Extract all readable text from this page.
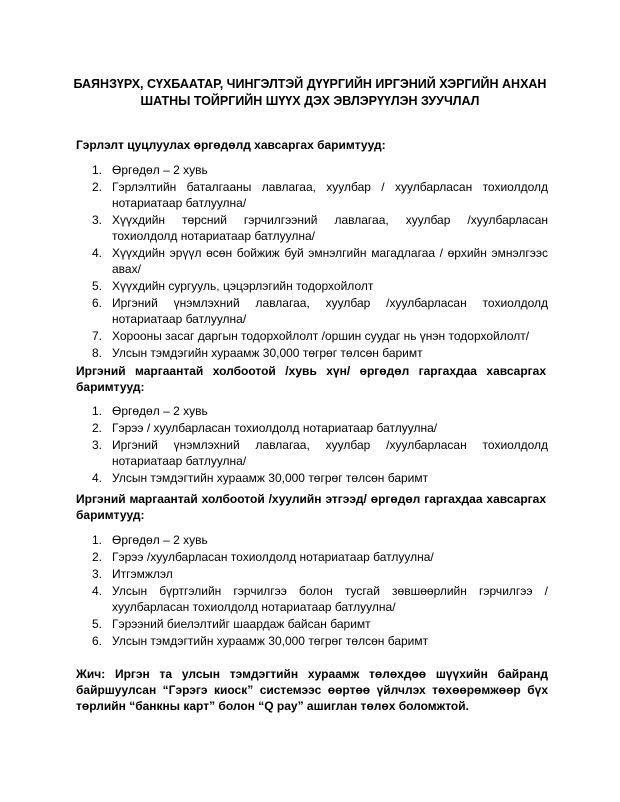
БАЯНЗҮРХ, СҮХБААТАР, ЧИНГЭЛТЭЙ ДҮҮРГИЙН ИРГЭНИЙ ХЭРГИЙН АНХАН
ШАТНЫ ТОЙРГИЙН ШҮҮХ ДЭХ ЭВЛЭРҮҮЛЭН ЗУУЧЛАЛ

Гэрлэлт цуцлуулах өргөдөлд хавсаргах баримтууд:

1. Өргөдөл – 2 хувь
2. Гэрлэлтийн баталгааны лавлагаа, хуулбар / хуулбарласан тохиолдолд нотариатаар батлуулна/
3. Хүүхдийн төрсний гэрчилгээний лавлагаа, хуулбар /хуулбарласан тохиолдолд нотариатаар батлуулна/
4. Хүүхдийн эрүүл өсөн бойжиж буй эмнэлгийн магадлагаа / өрхийн эмнэлгээс авах/
5. Хүүхдийн сургууль, цэцэрлэгийн тодорхойлолт
6. Иргэний үнэмлэхний лавлагаа, хуулбар /хуулбарласан тохиолдолд нотариатаар батлуулна/
7. Хорооны засаг даргын тодорхойлолт /оршин суудаг нь үнэн тодорхойлолт/
8. Улсын тэмдэгийн хураамж 30,000 төгрөг төлсөн баримт

Иргэний маргаантай холбоотой /хувь хүн/ өргөдөл гаргахдаа хавсаргах баримтууд:

1. Өргөдөл – 2 хувь
2. Гэрээ / хуулбарласан тохиолдолд нотариатаар батлуулна/
3. Иргэний үнэмлэхний лавлагаа, хуулбар /хуулбарласан тохиолдолд нотариатаар батлуулна/
4. Улсын тэмдэгтийн хураамж 30,000 төгрөг төлсөн баримт

Иргэний маргаантай холбоотой /хуулийн этгээд/ өргөдөл гаргахдаа хавсаргах баримтууд:

1. Өргөдөл – 2 хувь
2. Гэрээ /хуулбарласан тохиолдолд нотариатаар батлуулна/
3. Итгэмжлэл
4. Улсын бүртгэлийн гэрчилгээ болон тусгай зөвшөөрлийн гэрчилгээ /хуулбарласан тохиолдолд нотариатаар батлуулна/
5. Гэрээний биелэлтийг шаардаж байсан баримт
6. Улсын тэмдэгтийн хураамж 30,000 төгрөг төлсөн баримт

Жич: Иргэн та улсын тэмдэгтийн хураамж төлөхдөө шүүхийн байранд байршуулсан “Гэрэгэ киоск” системээс өөртөө үйлчлэх төхөөрөмжөөр бүх төрлийн “банкны карт” болон “Q pay” ашиглан төлөх боломжтой.
